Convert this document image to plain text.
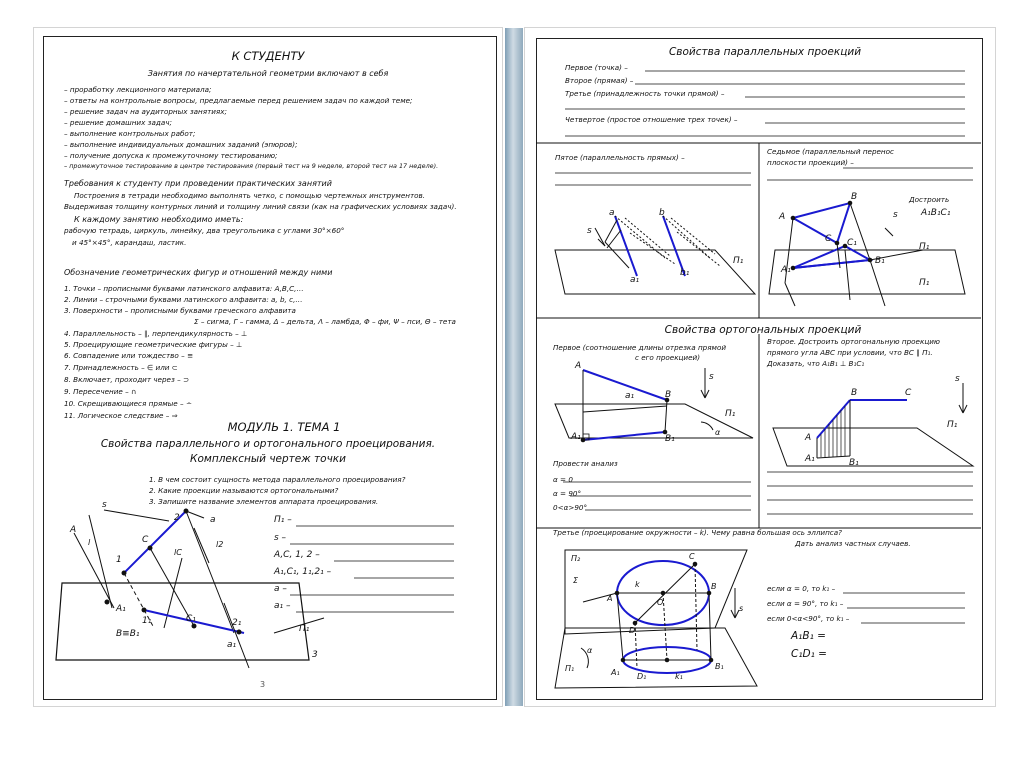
К СТУДЕНТУ
Занятия по начертательной геометрии включают в себя
– проработку лекционного материала;
– ответы на контрольные вопросы, предлагаемые перед решением задач по каждой теме;
– решение задач на аудиторных занятиях;
– решение домашних задач;
– выполнение контрольных работ;
– выполнение индивидуальных домашних заданий (эпюров);
– получение допуска к промежуточному тестированию;
– промежуточное тестирование в центре тестирования (первый тест на 9 неделе, второй тест на 17 неделе).
Требования к студенту при проведении практических занятий
Построения в тетради необходимо выполнять четко, с помощью чертежных инструментов.
Выдерживая толщину контурных линий и толщину линий связи (как на графических условиях задач).
К каждому занятию необходимо иметь:
рабочую тетрадь, циркуль, линейку, два треугольника с углами 30°×60°
и 45°×45°, карандаш, ластик.
Обозначение геометрических фигур и отношений между ними
1. Точки – прописными буквами латинского алфавита: A,B,C,…
2. Линии – строчными буквами латинского алфавита: a, b, c,…
3. Поверхности – прописными буквами греческого алфавита
Σ – сигма, Γ – гамма, Δ – дельта, Λ – ламбда, Φ – фи, Ψ – пси, Θ – тета
4. Параллельность – ∥, перпендикулярность – ⊥
5. Проецирующие геометрические фигуры – ⊥
6. Совпадение или тождество – ≡
7. Принадлежность – ∈ или ⊂
8. Включает, проходит через – ⊃
9. Пересечение – ∩
10. Скрещивающиеся прямые – ∸
11. Логическое следствие – ⇒
МОДУЛЬ 1. ТЕМА 1
Свойства параллельного и ортогонального проецирования.
Комплексный чертеж точки
1. В чем состоит сущность метода параллельного проецирования?
2. Какие проекции называются ортогональными?
3. Запишите название элементов аппарата проецирования.
A
s
l	C
1
2	a
lC
l2
A₁
B≡B₁
1₁	C₁	2₁
Π₁
a₁
3
Π₁ –
s –
A,C, 1, 2 –
A₁,C₁, 1₁,2₁ –
a –
a₁ –
3
Свойства параллельных проекций
Первое (точка) –
Второе (прямая) –
Третье (принадлежность точки прямой) –
Четвертое (простое отношение трех точек) –
Пятое (параллельность прямых) –
Седьмое (параллельный перенос
плоскости проекций) –
Достроить
A₁B₁C₁
s
a	b
a₁
b₁
Π₁
A
B
C
s
C₁
A₁
B₁
Π₁
Π₁
Свойства ортогональных проекций
Первое (соотношение длины отрезка прямой
с его проекцией)
Второе. Достроить ортогональную проекцию
прямого угла ABC при условии, что BC ∥ Π₁.
Доказать, что A₁B₁ ⊥ B₁C₁
A
a₁	B
s
A₁	B₁
Π₁
α
B	C
s
A
A₁	B₁
Π₁
Провести анализ
α = 0
α = 90°
0<α>90°
Третье (проецирование окружности – k). Чему равна большая ось эллипса?
Дать анализ частных случаев.
Π₂
Σ	k
A
C
O
D
B
s
α
Π₁	A₁ D₁	k₁
B₁
если α = 0, то k₁ –
если α = 90°, то k₁ –
если 0<α<90°, то k₁ –
A₁B₁ =
C₁D₁ =
